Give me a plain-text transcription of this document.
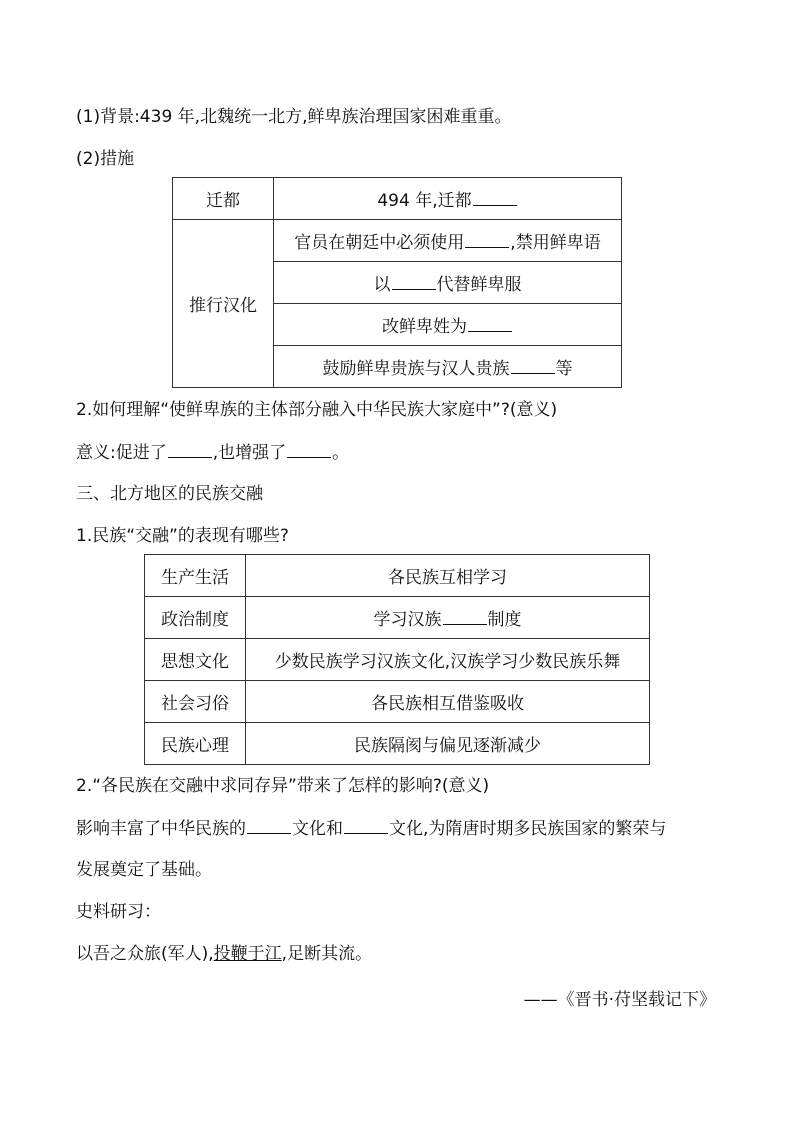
(1)背景:439 年,北魏统一北方,鲜卑族治理国家困难重重。
(2)措施
迁都	494 年,迁都
推行汉化	官员在朝廷中必须使用 ,禁用鲜卑语
	以 代替鲜卑服
	改鲜卑姓为
	鼓励鲜卑贵族与汉人贵族 等
2.如何理解“使鲜卑族的主体部分融入中华民族大家庭中”?(意义)
意义:促进了	,也增强了	。
三、北方地区的民族交融
1.民族“交融”的表现有哪些?
生产生活	各民族互相学习
政治制度	学习汉族 制度
思想文化	少数民族学习汉族文化,汉族学习少数民族乐舞
社会习俗	各民族相互借鉴吸收
民族心理	民族隔阂与偏见逐渐减少
2.“各民族在交融中求同存异”带来了怎样的影响?(意义)
影响丰富了中华民族的	文化和	文化,为隋唐时期多民族国家的繁荣与
发展奠定了基础。
史料研习：
以吾之众旅(军人),投鞭于江,足断其流。
——《晋书·苻坚载记下》
